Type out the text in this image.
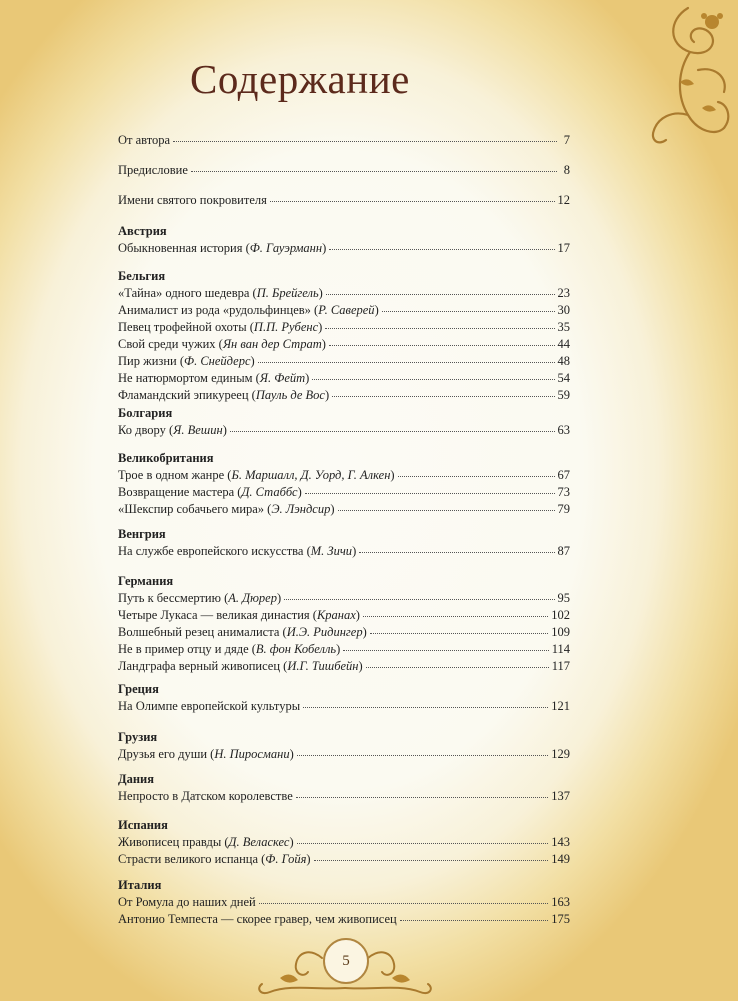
5
Содержание
От автора	7
Предисловие	8
Имени святого покровителя	12
Австрия
Обыкновенная история (Ф. Гауэрманн)	17
Бельгия
«Тайна» одного шедевра (П. Брейгель)	23
Анималист из рода «рудольфинцев» (Р. Саверей)	30
Певец трофейной охоты (П.П. Рубенс)	35
Свой среди чужих (Ян ван дер Страт)	44
Пир жизни (Ф. Снейдерс)	48
Не натюрмортом единым (Я. Фейт)	54
Фламандский эпикуреец (Пауль де Вос)	59
Болгария
Ко двору (Я. Вешин)	63
Великобритания
Трое в одном жанре (Б. Маршалл, Д. Уорд, Г. Алкен)	67
Возвращение мастера (Д. Стаббс)	73
«Шекспир собачьего мира» (Э. Лэндсир)	79
Венгрия
На службе европейского искусства (М. Зичи)	87
Германия
Путь к бессмертию (А. Дюрер)	95
Четыре Лукаса — великая династия (Кранах)	102
Волшебный резец анималиста (И.Э. Ридингер)	109
Не в пример отцу и дяде (В. фон Кобелль)	114
Ландграфа верный живописец (И.Г. Тишбейн)	117
Греция
На Олимпе европейской культуры	121
Грузия
Друзья его души (Н. Пиросмани)	129
Дания
Непросто в Датском королевстве	137
Испания
Живописец правды (Д. Веласкес)	143
Страсти великого испанца (Ф. Гойя)	149
Италия
От Ромула до наших дней	163
Антонио Темпеста — скорее гравер, чем живописец	175
